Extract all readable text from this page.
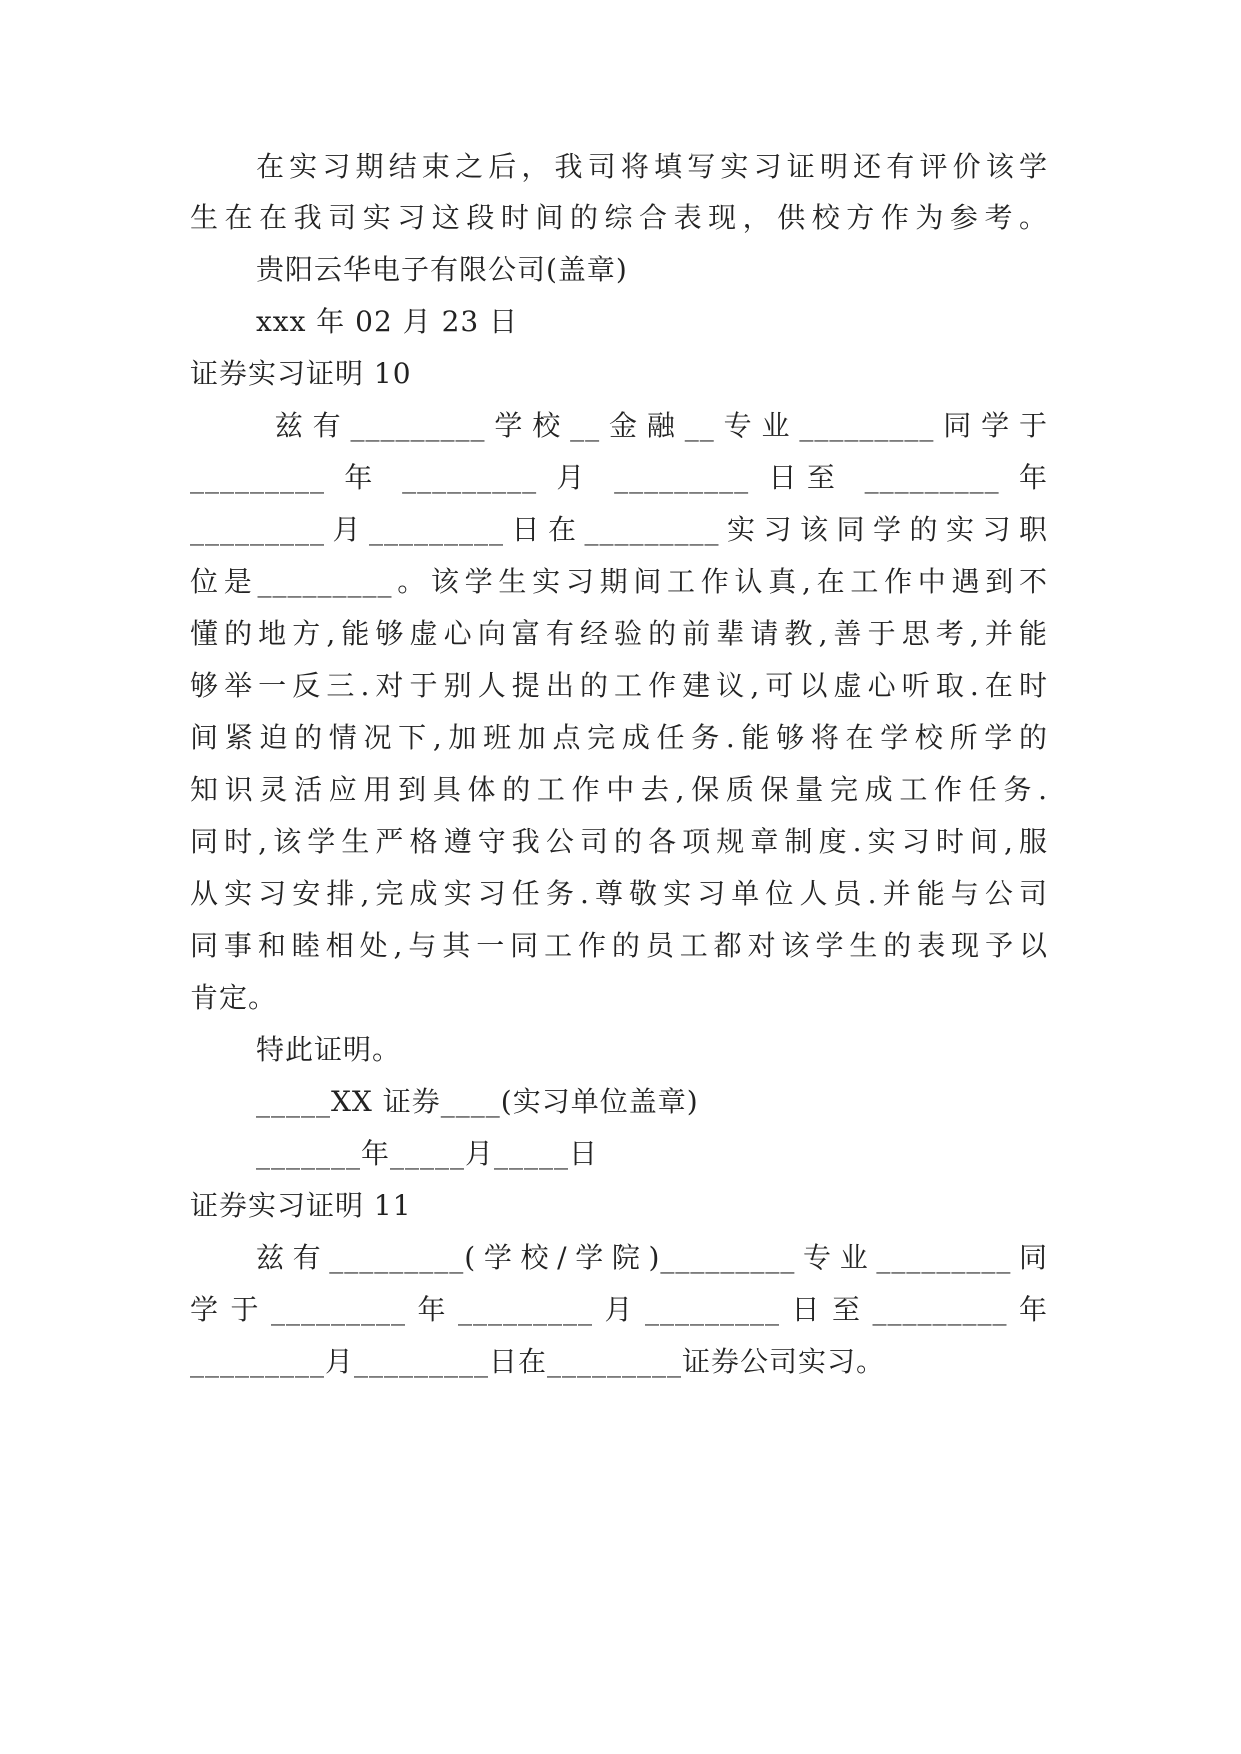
在实习期结束之后，我司将填写实习证明还有评价该学
生在在我司实习这段时间的综合表现，供校方作为参考。
贵阳云华电子有限公司(盖章)
xxx 年 02 月 23 日
证券实习证明 10
兹有_________学校__金融__专业_________同学于
_________ 年 _________ 月 _________ 日至 _________ 年
_________月_________日在_________实习该同学的实习职
位是_________。该学生实习期间工作认真,在工作中遇到不
懂的地方,能够虚心向富有经验的前辈请教,善于思考,并能
够举一反三.对于别人提出的工作建议,可以虚心听取.在时
间紧迫的情况下,加班加点完成任务.能够将在学校所学的
知识灵活应用到具体的工作中去,保质保量完成工作任务.
同时,该学生严格遵守我公司的各项规章制度.实习时间,服
从实习安排,完成实习任务.尊敬实习单位人员.并能与公司
同事和睦相处,与其一同工作的员工都对该学生的表现予以
肯定。
特此证明。
_____XX 证券____(实习单位盖章)
_______年_____月_____日
证券实习证明 11
兹有_________(学校/学院)_________专业_________同
学于_________年_________月_________日至_________年
_________月_________日在_________证券公司实习。
